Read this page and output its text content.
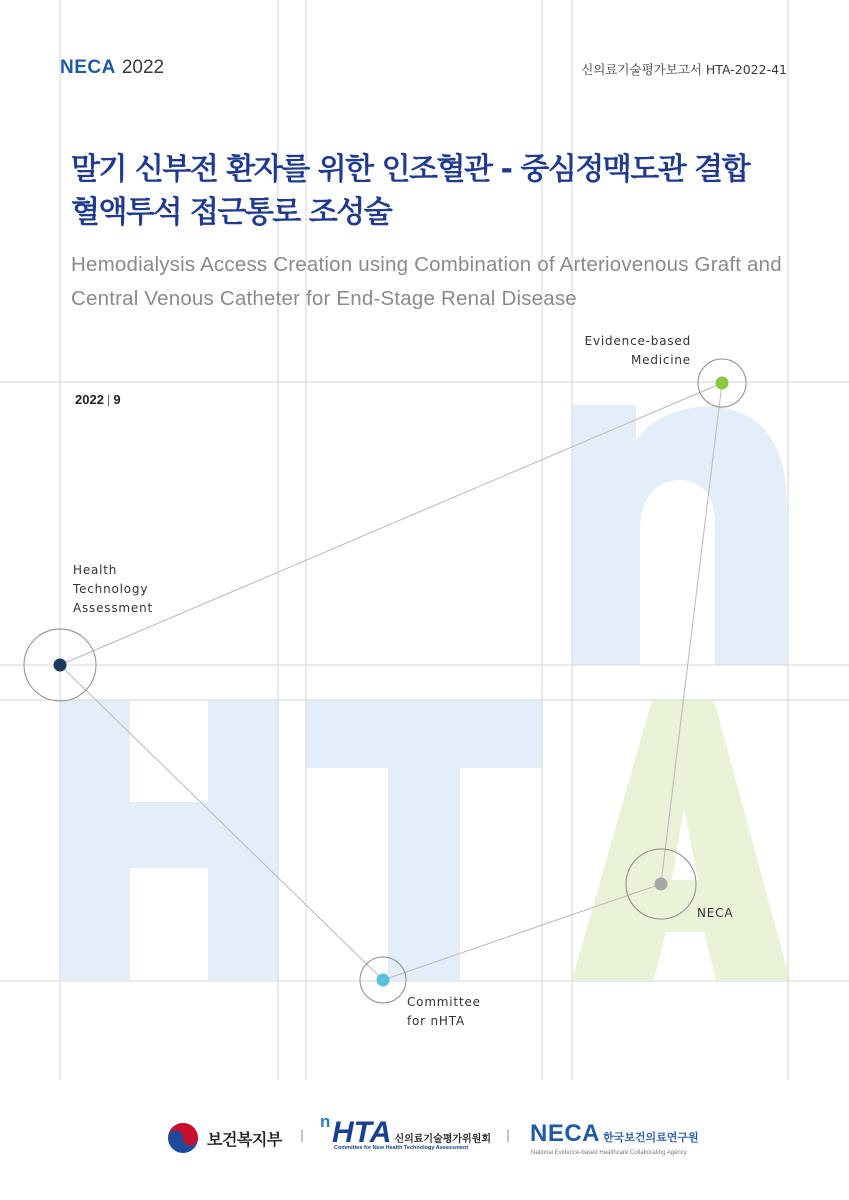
NECA 2022	신의료기술평가보고서 HTA-2022-41
말기 신부전 환자를 위한 인조혈관 - 중심정맥도관 결합
혈액투석 접근통로 조성술
Hemodialysis Access Creation using Combination of Arteriovenous Graft and
Central Venous Catheter for End-Stage Renal Disease
2022 | 9
Evidence-based
Medicine
Health
Technology
Assessment
Committee
for nHTA
NECA
보건복지부 |
n HTA 신의료기술평가위원회
Committee for New Health Technology Assessment
| NECA 한국보건의료연구원
National Evidence-based Healthcare Collaborating Agency
